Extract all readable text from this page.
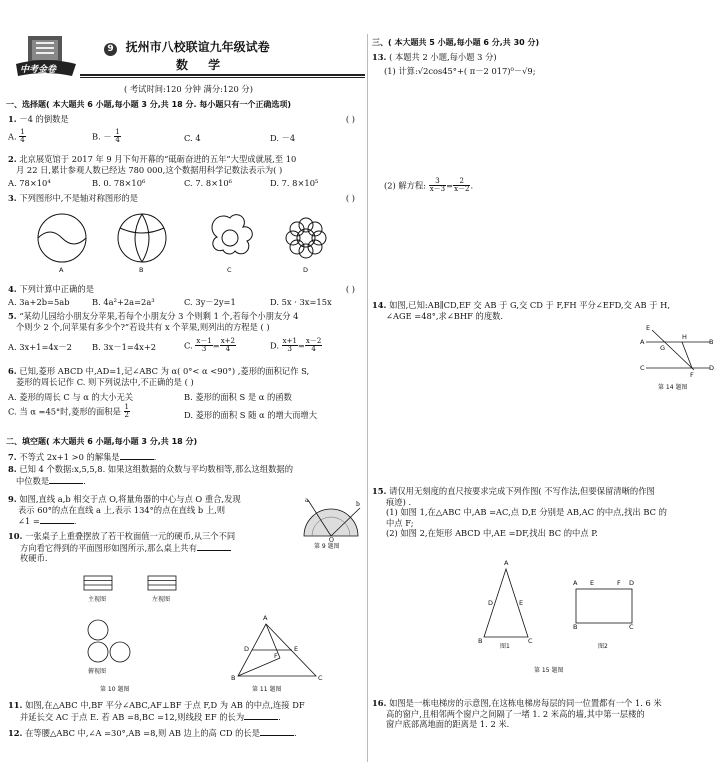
中考金卷
9 抚州市八校联谊九年级试卷
数 学
( 考试时间:120 分钟 满分:120 分)
一、选择题( 本大题共 6 小题,每小题 3 分,共 18 分. 每小题只有一个正确选项)
1. －4 的倒数是	( )
A. $\frac{1}{4}$	B. － $\frac{1}{4}$	C. 4	D. －4
2. 北京展览馆于 2017 年 9 月下旬开幕的“砥砺奋进的五年”大型成就展,至 10
月 22 日,累计参观人数已经达 780 000,这个数据用科学记数法表示为( )
A. 78×10⁴	B. 0. 78×10⁶	C. 7. 8×10⁶	D. 7. 8×10⁵
3. 下列图形中,不是轴对称图形的是	( )
A	B	C	D
4. 下列计算中正确的是	( )
A. 3a+2b=5ab	B. 4a²+2a=2a³	C. 3y－2y=1	D. 5x · 3x=15x
5. “某幼儿园给小朋友分苹果,若每个小朋友分 3 个则剩 1 个,若每个小朋友分 4
个则少 2 个,问苹果有多少个?”若设共有 x 个苹果,则列出的方程是 ( )
A. 3x+1=4x－2 B. 3x－1=4x+2	C. $\frac{x-1}{3} = \frac{x+2}{4}$	D. $\frac{x+1}{3} = \frac{x-2}{4}$
6. 已知,菱形 ABCD 中,AD=1,记∠ABC 为 α( 0°< α <90°) ,菱形的面积记作 S,
菱形的周长记作 C. 则下列说法中,不正确的是 ( )
A. 菱形的周长 C 与 α 的大小无关	B. 菱形的面积 S 是 α 的函数
C. 当 α =45°时,菱形的面积是 $\frac{1}{2}$	D. 菱形的面积 S 随 α 的增大而增大
二、填空题( 本大题共 6 小题,每小题 3 分,共 18 分)
7. 不等式 2x+1 >0 的解集是	.
8. 已知 4 个数据:x,5,5,8. 如果这组数据的众数与平均数相等,那么这组数据的
中位数是	.
9. 如图,直线 a,b 相交于点 O,将量角器的中心与点 O 重合,发现
表示 60°的点在直线 a 上,表示 134°的点在直线 b 上,则
∠1 =	.
a
b
O
第 9 题图
10. 一张桌子上重叠摆放了若干枚面值一元的硬币,从三个不同
方向看它得到的平面图形如图所示,那么桌上共有
枚硬币.
主视图	左视图
俯视图
第 10 题图
A
D	E
F
B	C
第 11 题图
11. 如图,在△ABC 中,BF 平分∠ABC,AF⊥BF 于点 F,D 为 AB 的中点,连接 DF
并延长交 AC 于点 E. 若 AB =8,BC =12,则线段 EF 的长为	.
12. 在等腰△ABC 中,∠A =30°,AB =8,则 AB 边上的高 CD 的长是	.
三、( 本大题共 5 小题,每小题 6 分,共 30 分)
13. ( 本题共 2 小题,每小题 3 分)
(1) 计算:√2cos45°+( π－2 017)⁰－√9;
(2) 解方程: $\frac{3}{x-3} = \frac{2}{x-2}$ .
14. 如图,已知:AB∥CD,EF 交 AB 于 G,交 CD 于 F,FH 平分∠EFD,交 AB 于 H,
∠AGE =48°,求∠BHF 的度数.
E
A
G
H
B
C
F
D
第 14 题图
15. 请仅用无刻度的直尺按要求完成下列作图( 不写作法,但要保留清晰的作图
痕迹) .
(1) 如图 1,在△ABC 中,AB =AC,点 D,E 分别是 AB,AC 的中点,找出 BC 的
中点 F;
(2) 如图 2,在矩形 ABCD 中,AE =DF,找出 BC 的中点 P.
A
D	E
B	C
A E	F D
B	C
图1	图2
第 15 题图
16. 如图是一栋电梯房的示意图,在这栋电梯房每层的同一位置都有一个 1. 6 米
高的窗户,且相邻两个窗户之间隔了一堵 1. 2 米高的墙,其中第一层楼的
窗户底部离地面的距离是 1. 2 米.
